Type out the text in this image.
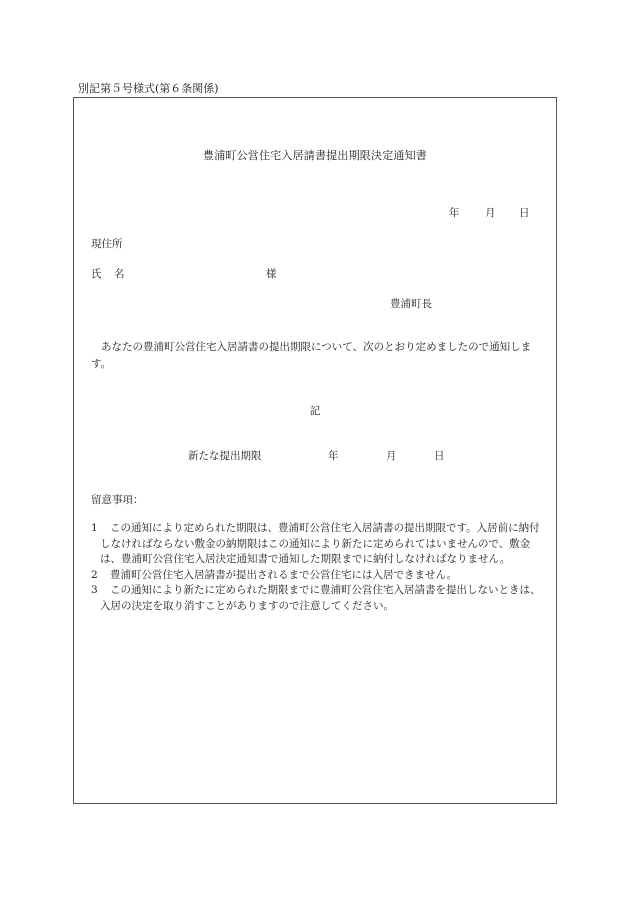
別記第５号様式(第６条関係)
豊浦町公営住宅入居請書提出期限決定通知書
年 月 日
現住所
氏 名	様
豊浦町長
あなたの豊浦町公営住宅入居請書の提出期限について、次のとおり定めましたので通知します。
記
新たな提出期限	年	月	日
留意事項：
1	この通知により定められた期限は、豊浦町公営住宅入居請書の提出期限です。入居前に納付しなければならない敷金の納期限はこの通知により新たに定められてはいませんので、敷金は、豊浦町公営住宅入居決定通知書で通知した期限までに納付しなければなりません。
2	豊浦町公営住宅入居請書が提出されるまで公営住宅には入居できません。
3	この通知により新たに定められた期限までに豊浦町公営住宅入居請書を提出しないときは、入居の決定を取り消すことがありますので注意してください。
